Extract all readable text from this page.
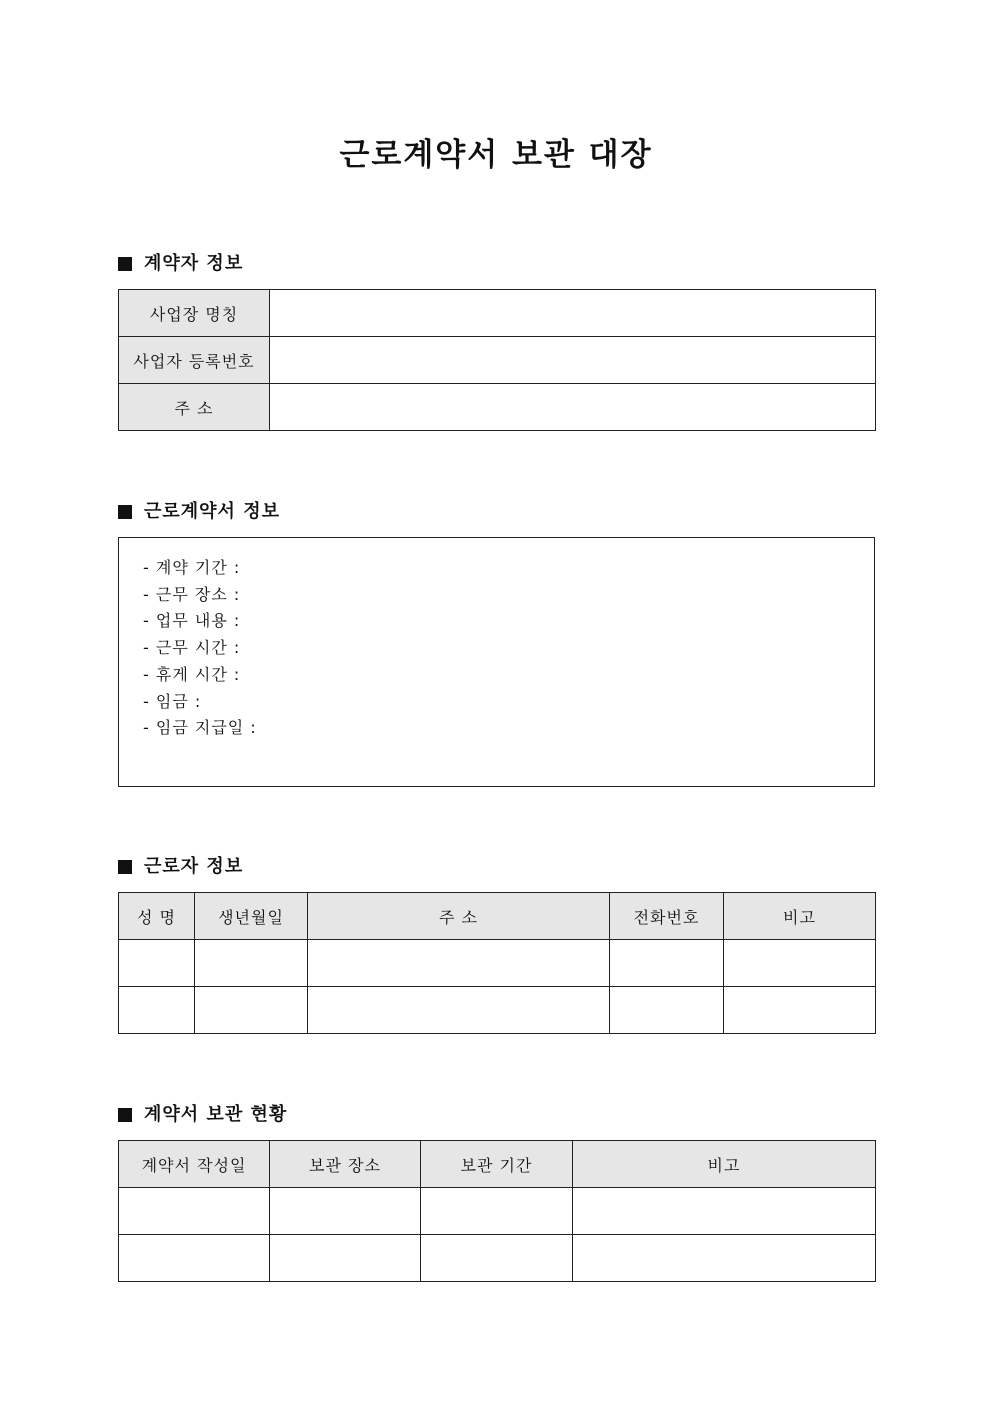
근로계약서 보관 대장
계약자 정보
사업장 명칭	
사업자 등록번호	
주 소	
근로계약서 정보
- 계약 기간 :
- 근무 장소 :
- 업무 내용 :
- 근무 시간 :
- 휴게 시간 :
- 임금 :
- 임금 지급일 :
근로자 정보
성 명	생년월일	주 소	전화번호	비고

계약서 보관 현황
계약서 작성일	보관 장소	보관 기간	비고
